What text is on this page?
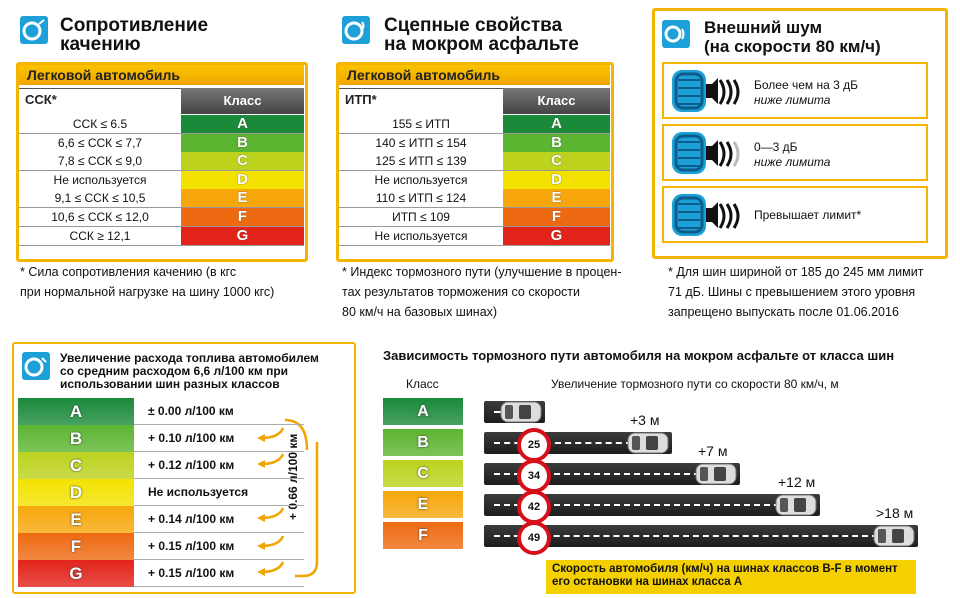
Сопротивление
качению
Легковой автомобиль
ССК*	Класс
* Сила сопротивления качению (в кгс
при нормальной нагрузке на шину 1000 кгс)
Сцепные свойства
на мокром асфальте
Легковой автомобиль
ИТП*	Класс
* Индекс тормозного пути (улучшение в процен-
тах результатов торможения со скорости
80 км/ч на базовых шинах)
Внешний шум
(на скорости 80 км/ч)
* Для шин шириной от 185 до 245 мм лимит
71 дБ. Шины с превышением этого уровня
запрещено выпускать после 01.06.2016
Увеличение расхода топлива автомобилем
со средним расходом 6,6 л/100 км при
использовании шин разных классов
Зависимость тормозного пути автомобиля на мокром асфальте от класса шин
Класс	Увеличение тормозного пути со скорости 80 км/ч, м
Скорость автомобиля (км/ч) на шинах классов B-F в момент
его остановки на шинах класса А
ССК ≤ 6.5	A
6,6 ≤ ССК ≤ 7,7	B
7,8 ≤ ССК ≤ 9,0	C
Не используется	D
9,1 ≤ ССК ≤ 10,5	E
10,6 ≤ ССК ≤ 12,0	F
ССК ≥ 12,1	G
155 ≤ ИТП	A
140 ≤ ИТП ≤ 154	B
125 ≤ ИТП ≤ 139	C
Не используется	D
110 ≤ ИТП ≤ 124	E
ИТП ≤ 109	F
Не используется	G
Более чем на 3 дБ
ниже лимита
0—3 дБ
ниже лимита
Превышает лимит*
A	± 0.00 л/100 км
B	+ 0.10 л/100 км
C	+ 0.12 л/100 км
D	Не используется
E	+ 0.14 л/100 км
F	+ 0.15 л/100 км
G	+ 0.15 л/100 км
A
B	25
+3 м
C	34
+7 м
E	42
+12 м
F	49
>18 м
